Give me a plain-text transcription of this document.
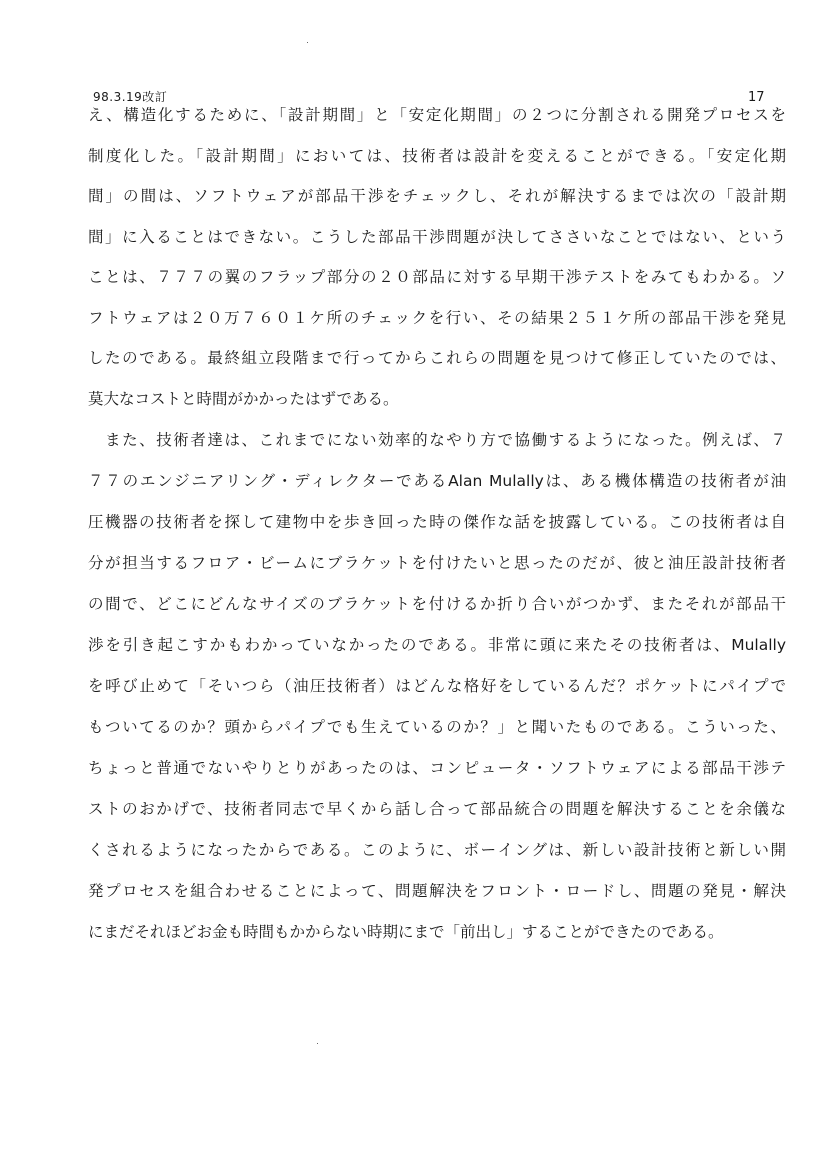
98.3.19改訂	17
え、構造化するために、「設計期間」と「安定化期間」の２つに分割される開発プロセスを
制度化した。「設計期間」においては、技術者は設計を変えることができる。「安定化期
間」の間は、ソフトウェアが部品干渉をチェックし、それが解決するまでは次の「設計期
間」に入ることはできない。こうした部品干渉問題が決してささいなことではない、という
ことは、７７７の翼のフラップ部分の２０部品に対する早期干渉テストをみてもわかる。ソ
フトウェアは２０万７６０１ケ所のチェックを行い、その結果２５１ケ所の部品干渉を発見
したのである。最終組立段階まで行ってからこれらの問題を見つけて修正していたのでは、
莫大なコストと時間がかかったはずである。
　また、技術者達は、これまでにない効率的なやり方で協働するようになった。例えば、７
７７のエンジニアリング・ディレクターであるAlan Mulallyは、ある機体構造の技術者が油
圧機器の技術者を探して建物中を歩き回った時の傑作な話を披露している。この技術者は自
分が担当するフロア・ビームにブラケットを付けたいと思ったのだが、彼と油圧設計技術者
の間で、どこにどんなサイズのブラケットを付けるか折り合いがつかず、またそれが部品干
渉を引き起こすかもわかっていなかったのである。非常に頭に来たその技術者は、Mulally
を呼び止めて「そいつら（油圧技術者）はどんな格好をしているんだ？ポケットにパイプで
もついてるのか？頭からパイプでも生えているのか？」と聞いたものである。こういった、
ちょっと普通でないやりとりがあったのは、コンピュータ・ソフトウェアによる部品干渉テ
ストのおかげで、技術者同志で早くから話し合って部品統合の問題を解決することを余儀な
くされるようになったからである。このように、ボーイングは、新しい設計技術と新しい開
発プロセスを組合わせることによって、問題解決をフロント・ロードし、問題の発見・解決
にまだそれほどお金も時間もかからない時期にまで「前出し」することができたのである。
